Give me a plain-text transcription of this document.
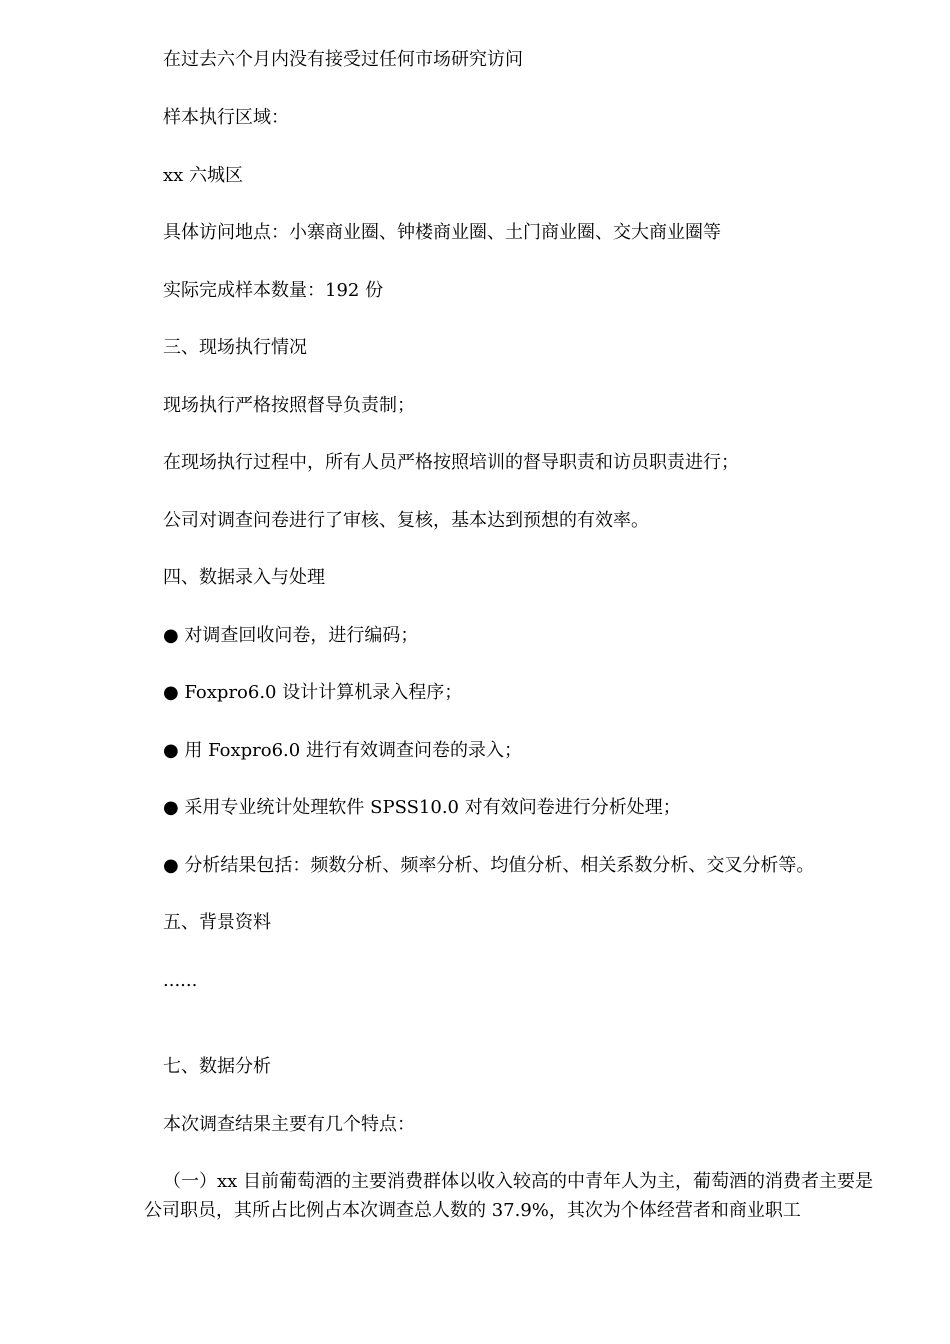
在过去六个月内没有接受过任何市场研究访问

样本执行区域：

xx 六城区

具体访问地点：小寨商业圈、钟楼商业圈、土门商业圈、交大商业圈等

实际完成样本数量：192 份

三、现场执行情况

现场执行严格按照督导负责制；

在现场执行过程中，所有人员严格按照培训的督导职责和访员职责进行；

公司对调查问卷进行了审核、复核，基本达到预想的有效率。

四、数据录入与处理

● 对调查回收问卷，进行编码；

● Foxpro6.0 设计计算机录入程序；

● 用 Foxpro6.0 进行有效调查问卷的录入；

● 采用专业统计处理软件 SPSS10.0 对有效问卷进行分析处理；

● 分析结果包括：频数分析、频率分析、均值分析、相关系数分析、交叉分析等。

五、背景资料

......

七、数据分析

本次调查结果主要有几个特点：

（一）xx 目前葡萄酒的主要消费群体以收入较高的中青年人为主，葡萄酒的消费者主要是公司职员，其所占比例占本次调查总人数的 37.9%，其次为个体经营者和商业职工
